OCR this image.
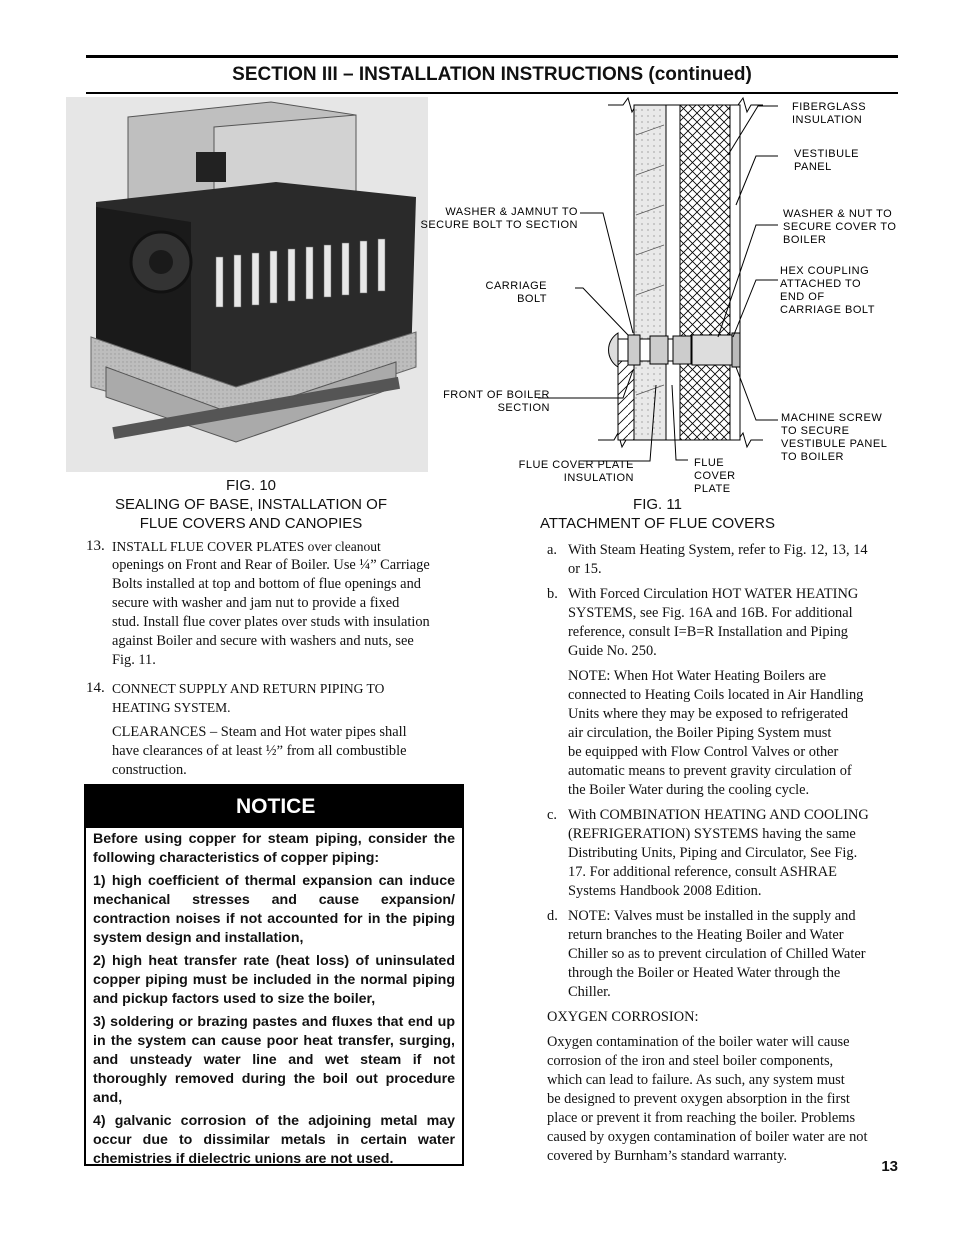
SECTION III – INSTALLATION INSTRUCTIONS (continued)
FIG. 10
SEALING OF BASE, INSTALLATION OF
FLUE COVERS AND CANOPIES
FIBERGLASS
INSULATION
VESTIBULE
PANEL
WASHER & NUT TO
SECURE COVER TO
BOILER
HEX COUPLING
ATTACHED TO
END OF
CARRIAGE BOLT
WASHER & JAMNUT TO
SECURE BOLT TO SECTION
CARRIAGE
BOLT
FRONT OF BOILER
SECTION
MACHINE SCREW
TO SECURE
VESTIBULE PANEL
TO BOILER
FLUE COVER PLATE
INSULATION
FLUE
COVER
PLATE
FIG. 11
ATTACHMENT OF FLUE COVERS
13. INSTALL FLUE COVER PLATES over cleanout
openings on Front and Rear of Boiler. Use ¼” Carriage
Bolts installed at top and bottom of flue openings and
secure with washer and jam nut to provide a fixed
stud. Install flue cover plates over studs with insulation
against Boiler and secure with washers and nuts, see
Fig. 11.
14. CONNECT SUPPLY AND RETURN PIPING TO
HEATING SYSTEM.
CLEARANCES – Steam and Hot water pipes shall
have clearances of at least ½” from all combustible
construction.
NOTICE

Before using copper for steam piping, consider the following characteristics of copper piping:

1) high coefficient of thermal expansion can induce mechanical stresses and cause expansion/ contraction noises if not accounted for in the piping system design and installation,

2) high heat transfer rate (heat loss) of uninsulated copper piping must be included in the normal piping and pickup factors used to size the boiler,

3) soldering or brazing pastes and fluxes that end up in the system can cause poor heat transfer, surging, and unsteady water line and wet steam if not thoroughly removed during the boil out procedure and,

4) galvanic corrosion of the adjoining metal may occur due to dissimilar metals in certain water chemistries if dielectric unions are not used.

a. With Steam Heating System, refer to Fig. 12, 13, 14
or 15.
b. With Forced Circulation HOT WATER HEATING
SYSTEMS, see Fig. 16A and 16B. For additional
reference, consult I=B=R Installation and Piping
Guide No. 250.
NOTE: When Hot Water Heating Boilers are
connected to Heating Coils located in Air Handling
Units where they may be exposed to refrigerated
air circulation, the Boiler Piping System must
be equipped with Flow Control Valves or other
automatic means to prevent gravity circulation of
the Boiler Water during the cooling cycle.
c. With COMBINATION HEATING AND COOLING
(REFRIGERATION) SYSTEMS having the same
Distributing Units, Piping and Circulator, See Fig.
17. For additional reference, consult ASHRAE
Systems Handbook 2008 Edition.
d. NOTE: Valves must be installed in the supply and
return branches to the Heating Boiler and Water
Chiller so as to prevent circulation of Chilled Water
through the Boiler or Heated Water through the
Chiller.
OXYGEN CORROSION:
Oxygen contamination of the boiler water will cause
corrosion of the iron and steel boiler components,
which can lead to failure. As such, any system must
be designed to prevent oxygen absorption in the first
place or prevent it from reaching the boiler. Problems
caused by oxygen contamination of boiler water are not
covered by Burnham’s standard warranty.
13
